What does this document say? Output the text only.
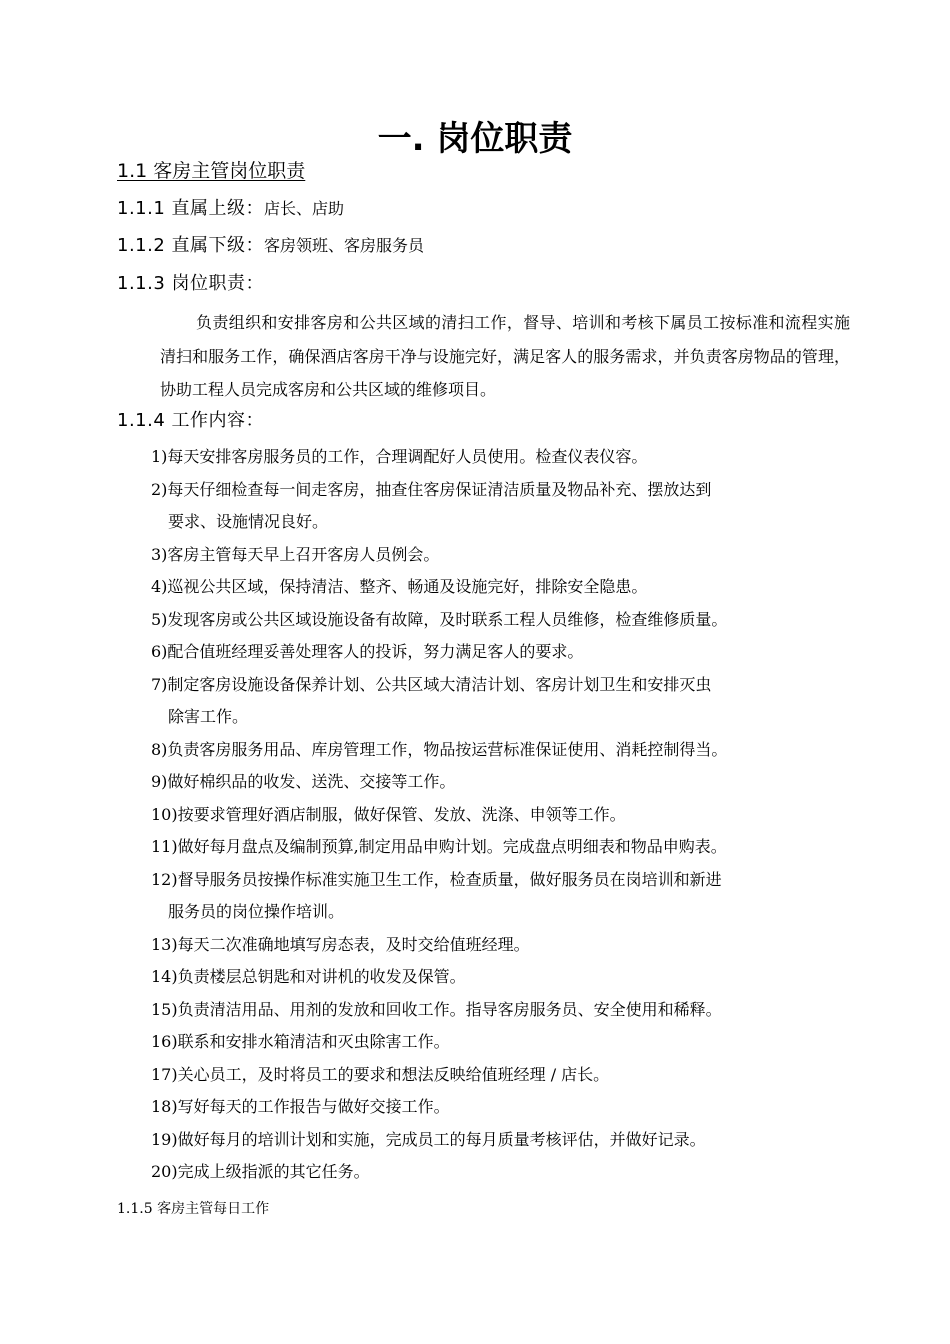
一. 岗位职责
1.1 客房主管岗位职责
1.1.1 直属上级：店长、店助
1.1.2 直属下级：客房领班、客房服务员
1.1.3 岗位职责：
负责组织和安排客房和公共区域的清扫工作，督导、培训和考核下属员工按标准和流程实施清扫和服务工作，确保酒店客房干净与设施完好，满足客人的服务需求，并负责客房物品的管理，协助工程人员完成客房和公共区域的维修项目。
1.1.4 工作内容：
1)每天安排客房服务员的工作，合理调配好人员使用。检查仪表仪容。
2)每天仔细检查每一间走客房，抽查住客房保证清洁质量及物品补充、摆放达到
要求、设施情况良好。
3)客房主管每天早上召开客房人员例会。
4)巡视公共区域，保持清洁、整齐、畅通及设施完好，排除安全隐患。
5)发现客房或公共区域设施设备有故障，及时联系工程人员维修，检查维修质量。
6)配合值班经理妥善处理客人的投诉，努力满足客人的要求。
7)制定客房设施设备保养计划、公共区域大清洁计划、客房计划卫生和安排灭虫
除害工作。
8)负责客房服务用品、库房管理工作，物品按运营标准保证使用、消耗控制得当。
9)做好棉织品的收发、送洗、交接等工作。
10)按要求管理好酒店制服，做好保管、发放、洗涤、申领等工作。
11)做好每月盘点及编制预算,制定用品申购计划。完成盘点明细表和物品申购表。
12)督导服务员按操作标准实施卫生工作，检查质量，做好服务员在岗培训和新进
服务员的岗位操作培训。
13)每天二次准确地填写房态表，及时交给值班经理。
14)负责楼层总钥匙和对讲机的收发及保管。
15)负责清洁用品、用剂的发放和回收工作。指导客房服务员、安全使用和稀释。
16)联系和安排水箱清洁和灭虫除害工作。
17)关心员工，及时将员工的要求和想法反映给值班经理 / 店长。
18)写好每天的工作报告与做好交接工作。
19)做好每月的培训计划和实施，完成员工的每月质量考核评估，并做好记录。
20)完成上级指派的其它任务。
1.1.5 客房主管每日工作
